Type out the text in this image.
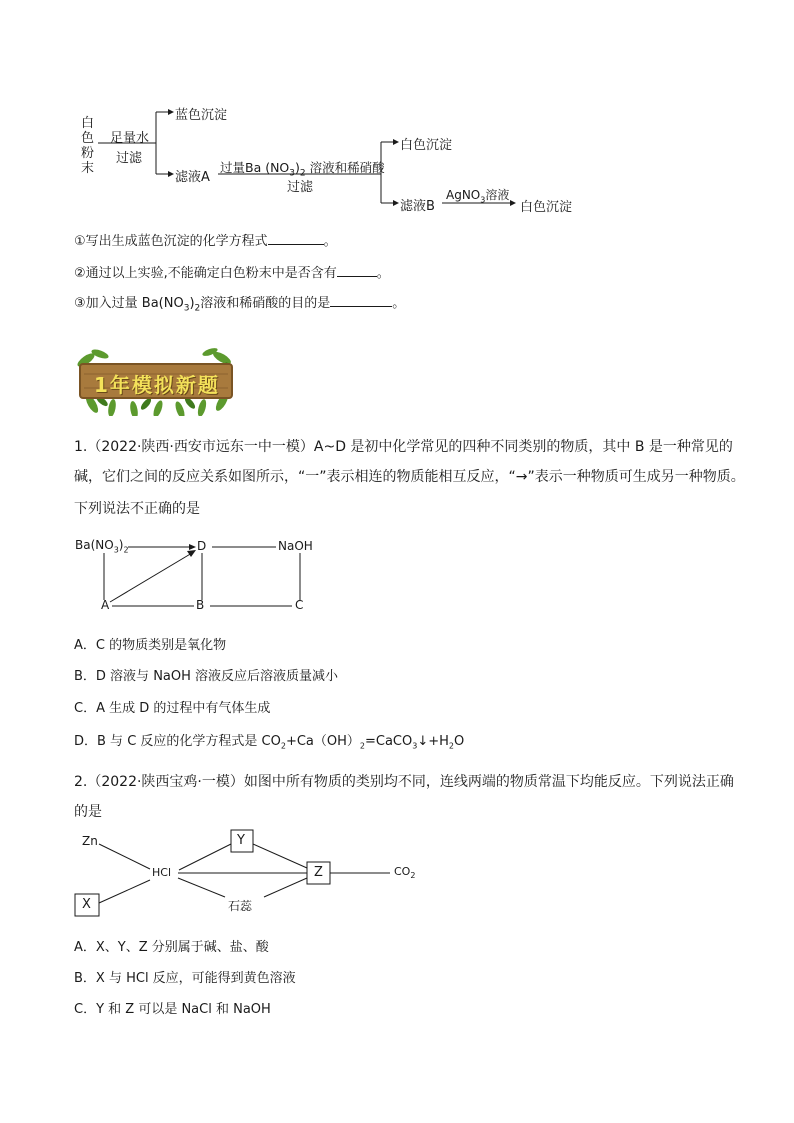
白
色
粉
末
足量水
过滤
蓝色沉淀
滤液A
过量Ba $(NO_3)_2$ 溶液和稀硝酸
过滤
白色沉淀
滤液B
AgNO$_3$溶液
白色沉淀
①写出生成蓝色沉淀的化学方程式	。
②通过以上实验,不能确定白色粉末中是否含有	。
③加入过量 $Ba(NO_3)_2$溶液和稀硝酸的目的是	。
1年模拟新题
1.（2022·陕西·西安市远东一中一模）A~D 是初中化学常见的四种不同类别的物质，其中 B 是一种常见的
碱，它们之间的反应关系如图所示，“一”表示相连的物质能相互反应，“→”表示一种物质可生成另一种物质。
下列说法不正确的是
$Ba(NO_3)_2$	D	NaOH
A	B	C
A．C 的物质类别是氧化物
B．D 溶液与 NaOH 溶液反应后溶液质量减小
C．A 生成 D 的过程中有气体生成
D．B 与 C 反应的化学方程式是 $CO_2+Ca(OH)_2=CaCO_3↓+H_2O$
2.（2022·陕西宝鸡·一模）如图中所有物质的类别均不同，连线两端的物质常温下均能反应。下列说法正确
的是
Zn	Y
HCl	Z	$CO_2$
X	石蕊
A．X、Y、Z 分别属于碱、盐、酸
B．X 与 HCl 反应，可能得到黄色溶液
C．Y 和 Z 可以是 NaCl 和 NaOH
